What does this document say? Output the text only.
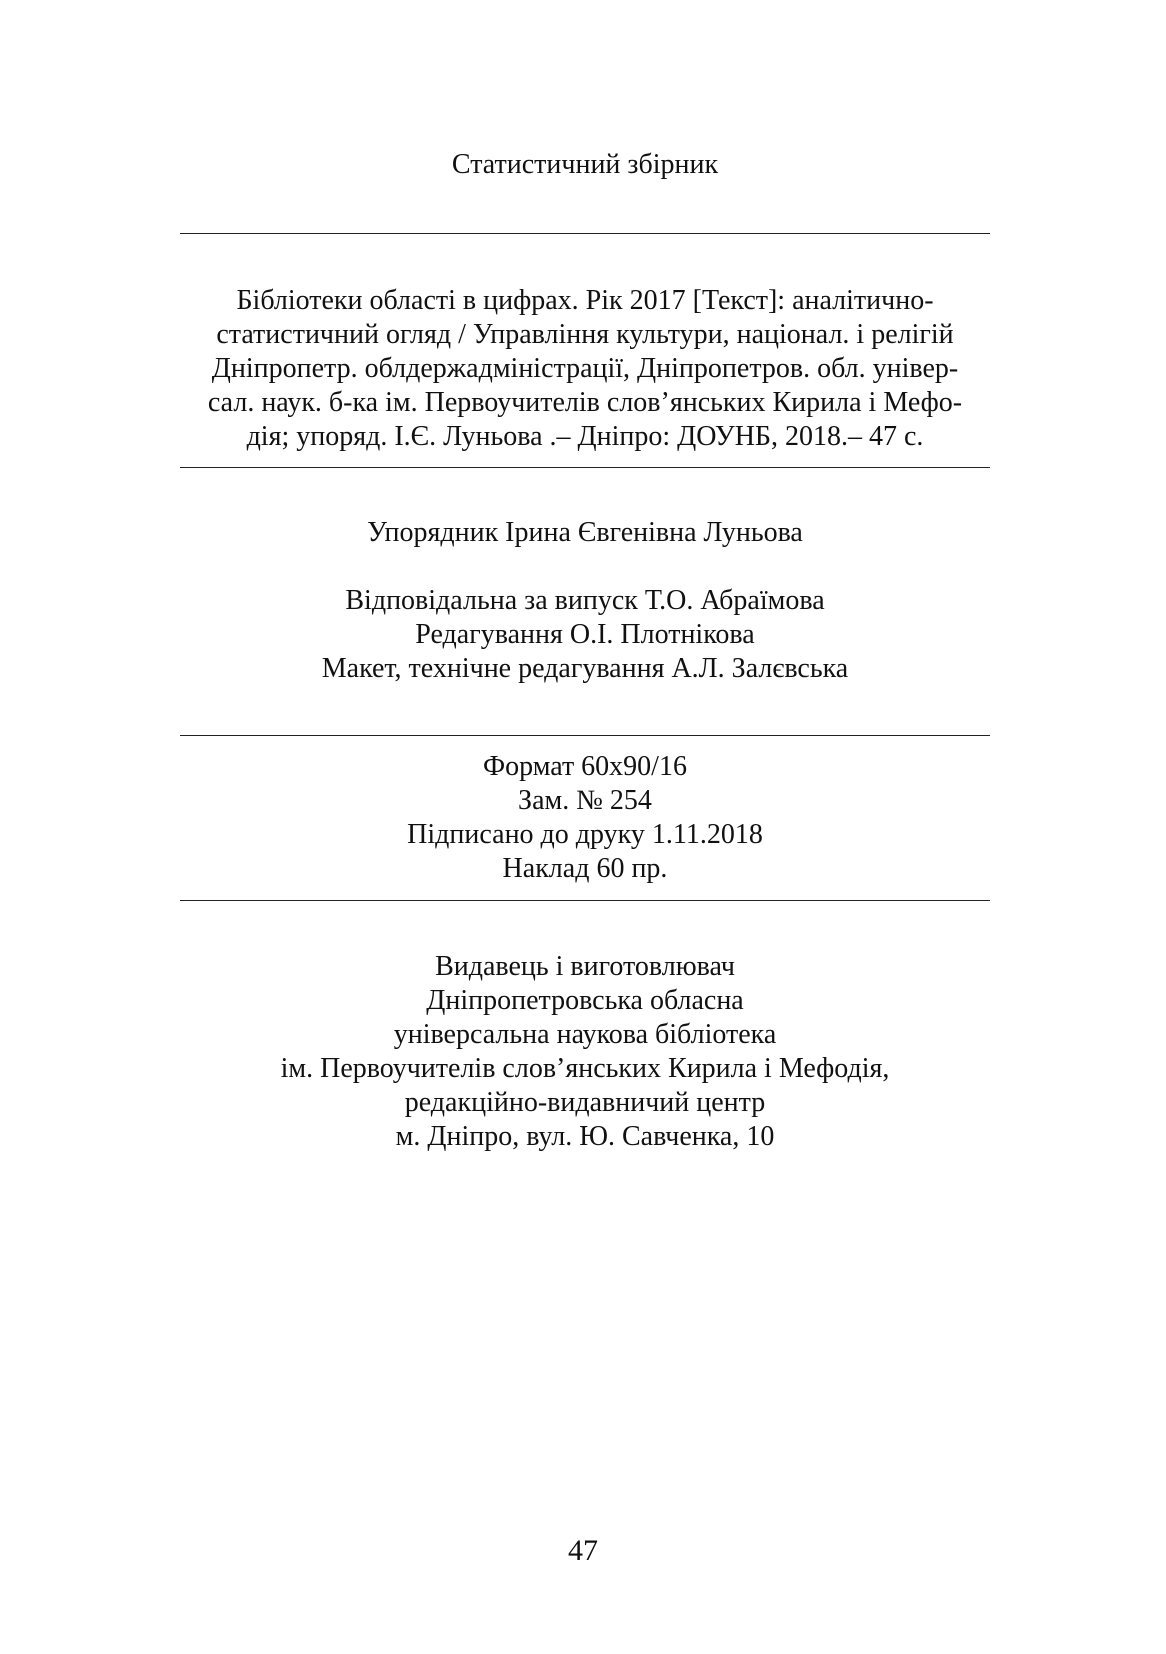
Статистичний збірник
Бібліотеки області в цифрах. Рік 2017 [Текст]: аналітично-
статистичний огляд / Управління культури, націонал. і релігій
Дніпропетр. облдержадміністрації, Дніпропетров. обл. універ-
сал. наук. б-ка ім. Первоучителів слов’янських Кирила і Мефо-
дія; упоряд. І.Є. Луньова .– Дніпро: ДОУНБ, 2018.– 47 с.
Упорядник Ірина Євгенівна Луньова
Відповідальна за випуск Т.О. Абраїмова
Редагування О.І. Плотнікова
Макет, технічне редагування А.Л. Залєвська
Формат 60х90/16
Зам. № 254
Підписано до друку 1.11.2018
Наклад 60 пр.
Видавець і виготовлювач
Дніпропетровська обласна
універсальна наукова бібліотека
ім. Первоучителів слов’янських Кирила і Мефодія,
редакційно-видавничий центр
м. Дніпро, вул. Ю. Савченка, 10
47
